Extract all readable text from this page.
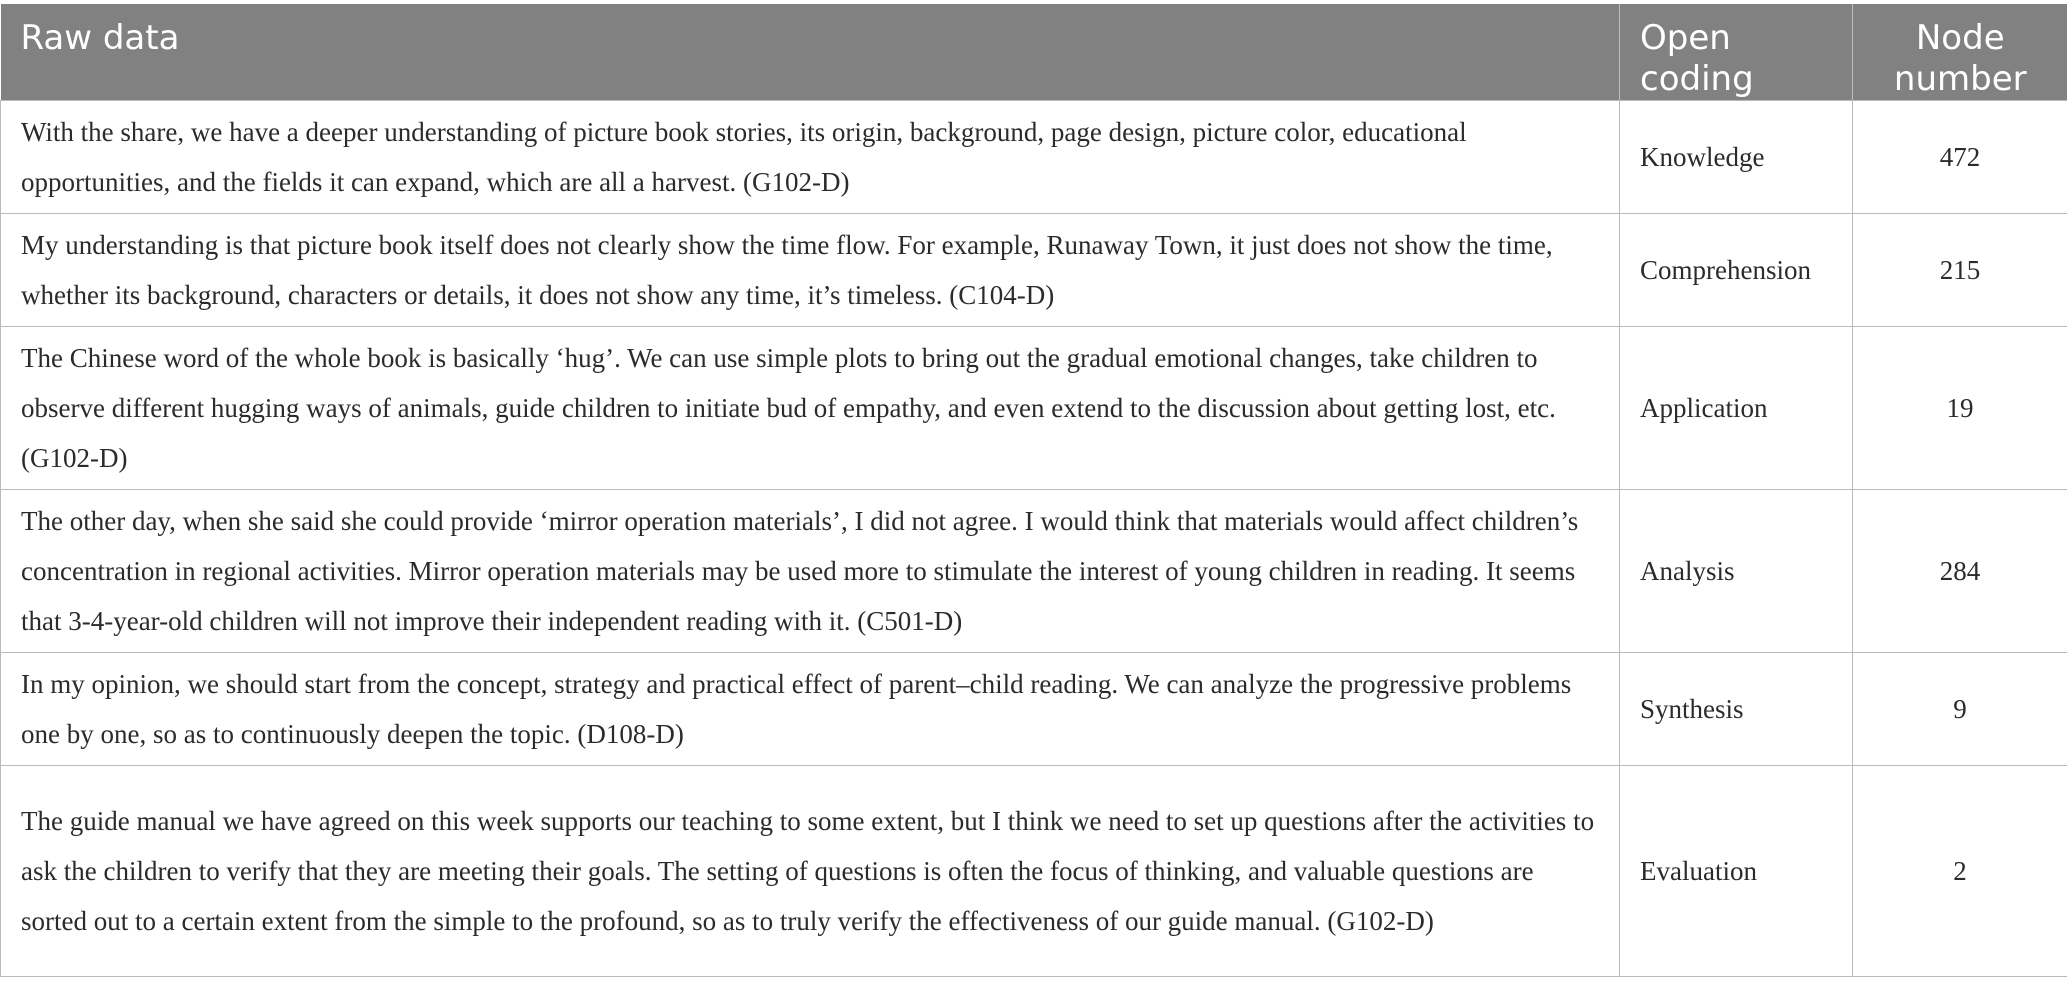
Raw data	Open coding	Node number
With the share, we have a deeper understanding of picture book stories, its origin, background, page design, picture color, educational opportunities, and the fields it can expand, which are all a harvest. (G102-D)	Knowledge	472
My understanding is that picture book itself does not clearly show the time flow. For example, Runaway Town, it just does not show the time, whether its background, characters or details, it does not show any time, it’s timeless. (C104-D)	Comprehension	215
The Chinese word of the whole book is basically ‘hug’. We can use simple plots to bring out the gradual emotional changes, take children to observe different hugging ways of animals, guide children to initiate bud of empathy, and even extend to the discussion about getting lost, etc. (G102-D)	Application	19
The other day, when she said she could provide ‘mirror operation materials’, I did not agree. I would think that materials would affect children’s concentration in regional activities. Mirror operation materials may be used more to stimulate the interest of young children in reading. It seems that 3-4-year-old children will not improve their independent reading with it. (C501-D)	Analysis	284
In my opinion, we should start from the concept, strategy and practical effect of parent–child reading. We can analyze the progressive problems one by one, so as to continuously deepen the topic. (D108-D)	Synthesis	9
The guide manual we have agreed on this week supports our teaching to some extent, but I think we need to set up questions after the activities to ask the children to verify that they are meeting their goals. The setting of questions is often the focus of thinking, and valuable questions are sorted out to a certain extent from the simple to the profound, so as to truly verify the effectiveness of our guide manual. (G102-D)	Evaluation	2
